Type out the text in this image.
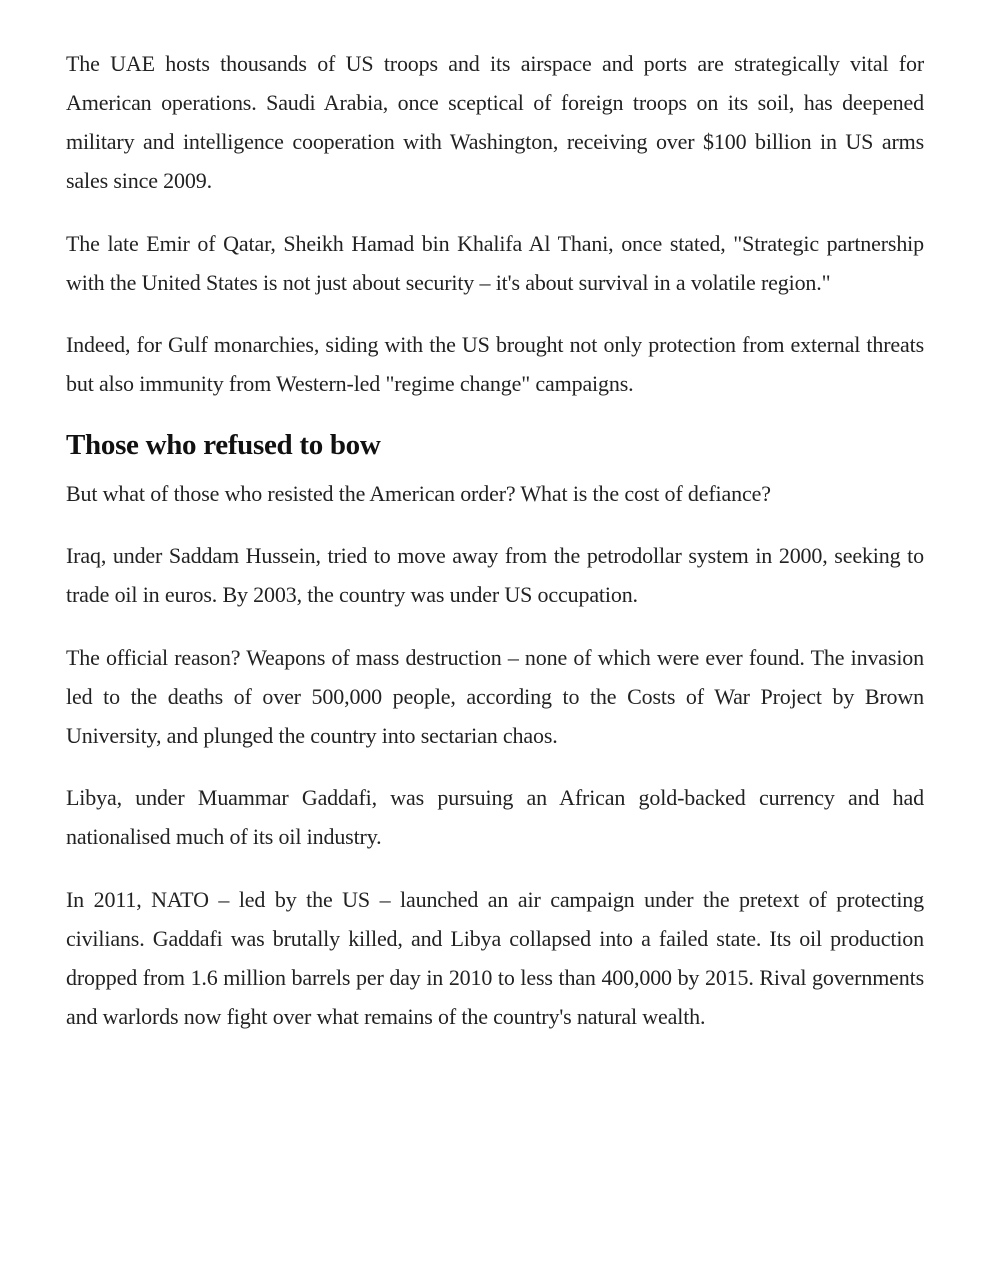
The UAE hosts thousands of US troops and its airspace and ports are strategically vital for American operations. Saudi Arabia, once sceptical of foreign troops on its soil, has deepened military and intelligence cooperation with Washington, receiving over $100 billion in US arms sales since 2009.

The late Emir of Qatar, Sheikh Hamad bin Khalifa Al Thani, once stated, "Strategic partnership with the United States is not just about security – it's about survival in a volatile region."

Indeed, for Gulf monarchies, siding with the US brought not only protection from external threats but also immunity from Western-led "regime change" campaigns.

Those who refused to bow

But what of those who resisted the American order? What is the cost of defiance?

Iraq, under Saddam Hussein, tried to move away from the petrodollar system in 2000, seeking to trade oil in euros. By 2003, the country was under US occupation.

The official reason? Weapons of mass destruction – none of which were ever found. The invasion led to the deaths of over 500,000 people, according to the Costs of War Project by Brown University, and plunged the country into sectarian chaos.

Libya, under Muammar Gaddafi, was pursuing an African gold-backed currency and had nationalised much of its oil industry.

In 2011, NATO – led by the US – launched an air campaign under the pretext of protecting civilians. Gaddafi was brutally killed, and Libya collapsed into a failed state. Its oil production dropped from 1.6 million barrels per day in 2010 to less than 400,000 by 2015. Rival governments and warlords now fight over what remains of the country's natural wealth.
